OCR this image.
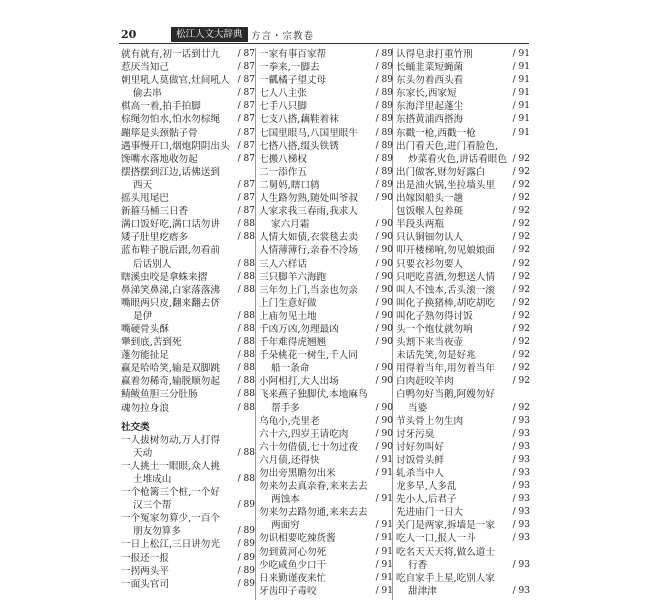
20	松江人文大辞典 方言・宗教卷
就有就有,初一话到廿九 / 87
惹厌当知己	/ 87
朝里吼人莫做官,灶间吼人 / 87
偷去串	/ 87
棋高一着,拍手拍脚	/ 87
棕绳勿怕水,怕水勿棕绳 / 87
蹦筚是头颈骷子骨	/ 87
遇事慢开口,烟炮阴阴出头 / 87
馋嘴水落地收勿起	/ 87
摆搭摆到江边,话佛送到
西天	/ 87
摇头甩尾巴	/ 87
新箍马桶三日香	/ 87
满口饭好吃,满口话勿讲 / 88
矮子肚里疙瘩多	/ 88
蓝布鞋子脱后跟,勿看前
后话别人	/ 88
瞎溪虫咬是拿蛛来摺	/ 88
鼻涕笑鼻涕,白家落落沸 / 88
嘴眼两只皮,翻来翻去侪
是伊	/ 88
嘴硬骨头酥	/ 88
犟到底,苦到死	/ 88
蓬勿能扯足	/ 88
赢是哈哈笑,输是双脚跳 / 88
赢着勿稀奇,输脱顺勿起 / 88
鲭鲅鱼胆三分肚肠	/ 88
魂勿拉身浪	/ 88
社交类
一人拔树勿动,万人打得
天动	/ 88
一人挑土一眼眼,众人挑
土堆成山	/ 88
一个枪篱三个桩,一个好
汉三个帮	/ 89
一个冤家勿算少,一百个
朋友勿算多	/ 89
一日上松江,三日讲勿光 / 89
一报还一报	/ 89
一拐两头平	/ 89
一面头官司	/ 89
一家有事百家帮	/ 89
一拳来,一脚去	/ 89
一瓤橘子望丈母	/ 89
七人八主张	/ 89
七手八只脚	/ 89
七支八搭,藕鞋着袜	/ 89
七国里眼马,八国里眼牛 / 89
七搭八搭,缀头铁锈	/ 89
七搬八梯权	/ 89
二一添作五	/ 89
二舅妈,瞎口鸫	/ 89
人生路勿熟,随处叫爷叔 / 90
人家求我三春雨,我求人
家六月霜	/ 90
人情大如债,衣裳毯去卖 / 90
人情薄薄行,亲眷不冷场 / 90
三人六样话	/ 90
三只脚羊六海跑	/ 90
三年勿上门,当亲也勿亲 / 90
上门生意好做	/ 90
上庙勿见土地	/ 90
千凶万凶,勿理最凶	/ 90
千年难得虎翘翘	/ 90
千朵桃花一树生,千人同
船一条命	/ 90
小阿相打,大人出场	/ 90
飞来燕子独脚伏,本地麻鸟
帮手多	/ 90
乌龟小,壳里老	/ 90
六十六,四岁王请吃肉	/ 90
六十勿借债,七十勿过夜 / 90
六月债,还得快	/ 91
勿出旁黑瞻勿出米	/ 91
勿来勿去真亲眷,来来去去
两蚀本	/ 91
勿来勿去路勿通,来来去去
两面穷	/ 91
勿识相要吃辣货酱	/ 91
勿到黄河心勿死	/ 91
少吃咸鱼少口干	/ 91
日来勤谨夜来忙	/ 91
牙齿印子毒咬	/ 91
认得皂隶打重竹刑	/ 91
长蛹韭菜短蝇菌	/ 91
东头勿着西头看	/ 91
东家长,西家短	/ 91
东海洋里起蓬尘	/ 91
东搭黄浦西搭海	/ 91
东戳一枪,西戳一枪	/ 91
出门看天色,进门看脸色,
炒菜看火色,讲话看眼色 / 92
出门做客,财勿好露白	/ 92
出是油火锅,坐拉墙头里 / 92
出嫁囡船头一趟	/ 92
包饭喉人包养斑	/ 92
半段头两瓶	/ 92
只认铜钿勿认人	/ 92
叩开楼梯响,勿见娘娘面 / 92
只要衣衫勿要人	/ 92
只吧吃喜酒,勿想送人情 / 92
叫人不蚀本,舌头滚一滚 / 92
叫化子换猪棒,胡吃胡吃 / 92
叫化子熟勿得讨饭	/ 92
头一个炮仗就勿响	/ 92
头割下来当夜壶	/ 92
未话先笑,勿是好兆	/ 92
用得着当年,用勿着当年 / 92
白肉赶咬羊肉	/ 92
白鸭勿好当鹅,阿嫂勿好
当婆	/ 92
节头骨上勿生肉	/ 93
讨牙污臭	/ 93
讨好勿叫好	/ 93
讨饭骨头鲜	/ 93
轧杀当中人	/ 93
龙多旱,人多乱	/ 93
先小人,后君子	/ 93
先进庙门一日大	/ 93
关门是两家,拆墙是一家 / 93
吃人一口,报人一斗	/ 93
吃名天天天将,做么道士
行香	/ 93
吃自家手上星,吃别人家
甜津津	/ 93
